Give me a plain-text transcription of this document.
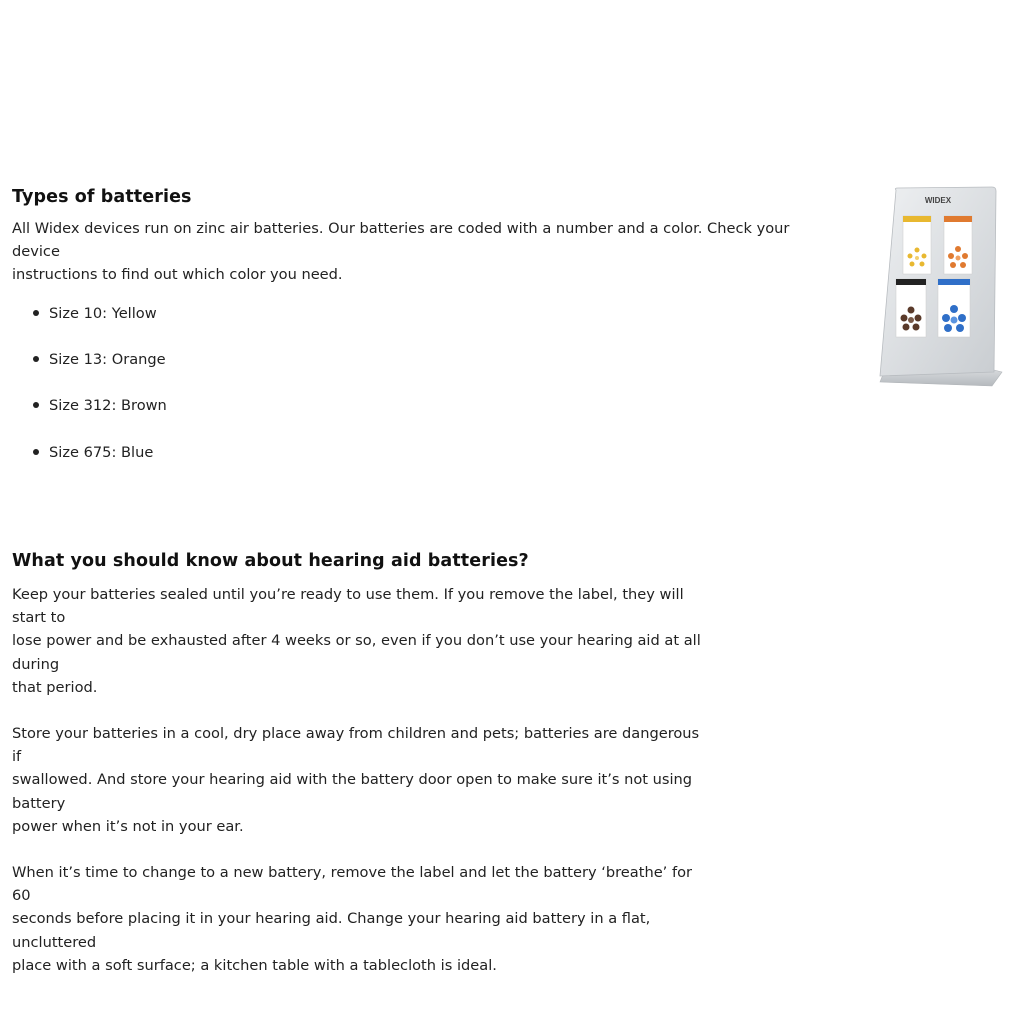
Types of batteries

All Widex devices run on zinc air batteries. Our batteries are coded with a number and a color. Check your device
instructions to find out which color you need.

Size 10: Yellow
Size 13: Orange
Size 312: Brown
Size 675: Blue
WIDEX
What you should know about hearing aid batteries?

Keep your batteries sealed until you’re ready to use them. If you remove the label, they will start to
lose power and be exhausted after 4 weeks or so, even if you don’t use your hearing aid at all during
that period.

Store your batteries in a cool, dry place away from children and pets; batteries are dangerous if
swallowed. And store your hearing aid with the battery door open to make sure it’s not using battery
power when it’s not in your ear.

When it’s time to change to a new battery, remove the label and let the battery ‘breathe’ for 60
seconds before placing it in your hearing aid. Change your hearing aid battery in a flat, uncluttered
place with a soft surface; a kitchen table with a tablecloth is ideal.
